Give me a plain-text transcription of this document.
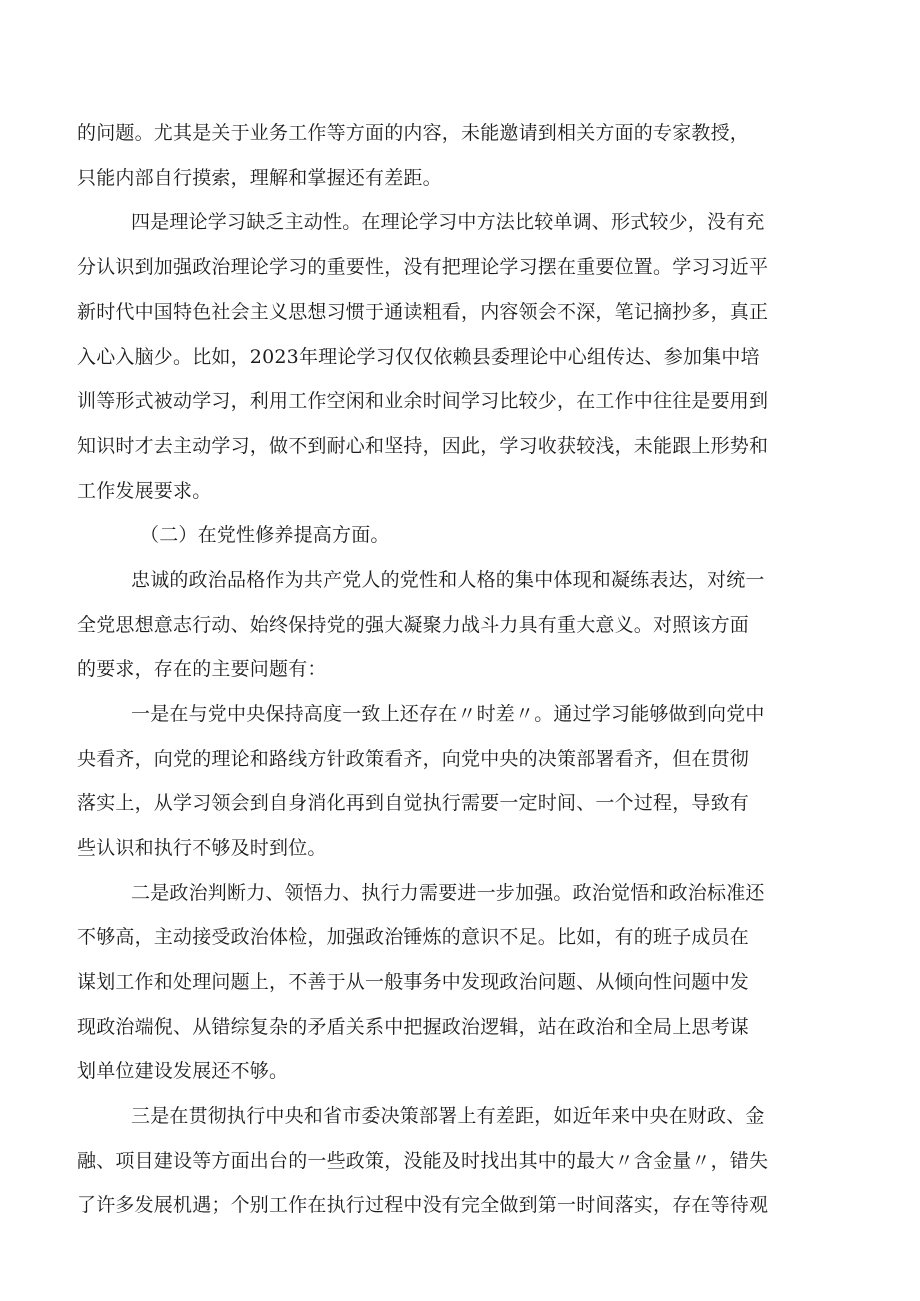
的问题。尤其是关于业务工作等方面的内容，未能邀请到相关方面的专家教授，

只能内部自行摸索，理解和掌握还有差距。

四是理论学习缺乏主动性。在理论学习中方法比较单调、形式较少，没有充

分认识到加强政治理论学习的重要性，没有把理论学习摆在重要位置。学习习近平

新时代中国特色社会主义思想习惯于通读粗看，内容领会不深，笔记摘抄多，真正

入心入脑少。比如，2023年理论学习仅仅依赖县委理论中心组传达、参加集中培

训等形式被动学习，利用工作空闲和业余时间学习比较少，在工作中往往是要用到

知识时才去主动学习，做不到耐心和坚持，因此，学习收获较浅，未能跟上形势和

工作发展要求。

（二）在党性修养提高方面。

忠诚的政治品格作为共产党人的党性和人格的集中体现和凝练表达，对统一

全党思想意志行动、始终保持党的强大凝聚力战斗力具有重大意义。对照该方面

的要求，存在的主要问题有：

一是在与党中央保持高度一致上还存在〃时差〃。通过学习能够做到向党中

央看齐，向党的理论和路线方针政策看齐，向党中央的决策部署看齐，但在贯彻

落实上，从学习领会到自身消化再到自觉执行需要一定时间、一个过程，导致有

些认识和执行不够及时到位。

二是政治判断力、领悟力、执行力需要进一步加强。政治觉悟和政治标准还

不够高，主动接受政治体检，加强政治锤炼的意识不足。比如，有的班子成员在

谋划工作和处理问题上，不善于从一般事务中发现政治问题、从倾向性问题中发

现政治端倪、从错综复杂的矛盾关系中把握政治逻辑，站在政治和全局上思考谋

划单位建设发展还不够。

三是在贯彻执行中央和省市委决策部署上有差距，如近年来中央在财政、金

融、项目建设等方面出台的一些政策，没能及时找出其中的最大〃含金量〃，错失

了许多发展机遇；个别工作在执行过程中没有完全做到第一时间落实，存在等待观
